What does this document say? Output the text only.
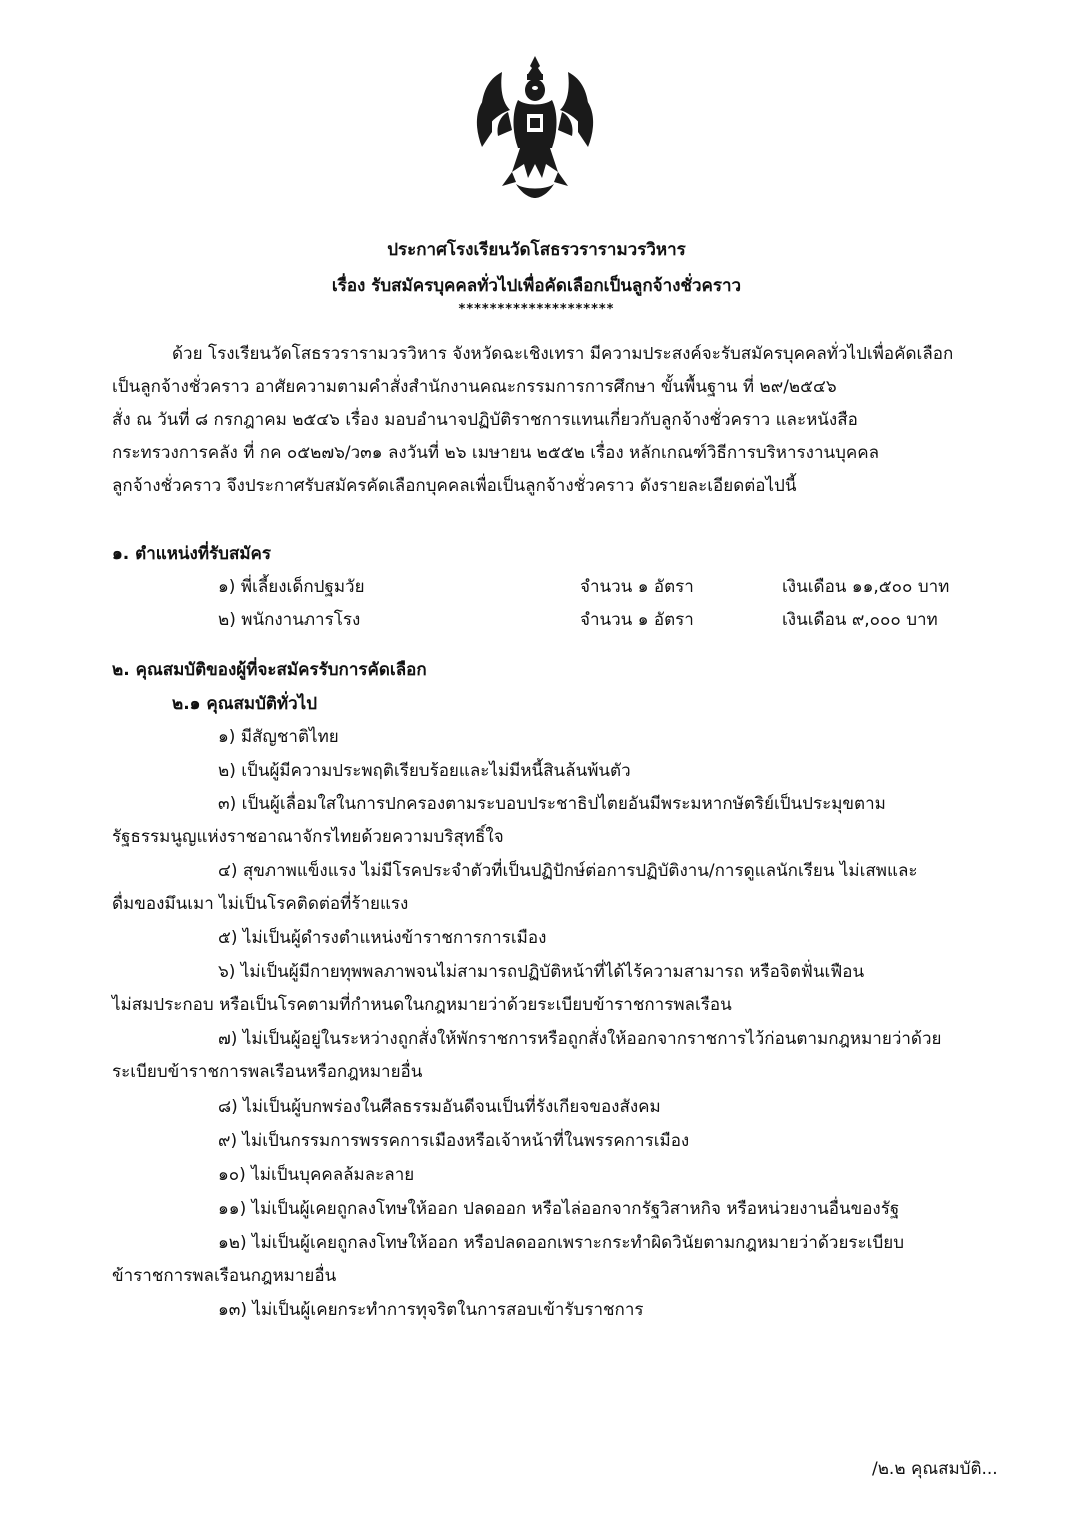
ประกาศโรงเรียนวัดโสธรวรารามวรวิหาร
เรื่อง รับสมัครบุคคลทั่วไปเพื่อคัดเลือกเป็นลูกจ้างชั่วคราว
********************
ด้วย โรงเรียนวัดโสธรวรารามวรวิหาร จังหวัดฉะเชิงเทรา มีความประสงค์จะรับสมัครบุคคลทั่วไปเพื่อคัดเลือก
เป็นลูกจ้างชั่วคราว อาศัยความตามคำสั่งสำนักงานคณะกรรมการการศึกษา ขั้นพื้นฐาน ที่ ๒๙/๒๕๔๖
สั่ง ณ วันที่ ๘ กรกฎาคม ๒๕๔๖ เรื่อง มอบอำนาจปฏิบัติราชการแทนเกี่ยวกับลูกจ้างชั่วคราว และหนังสือ
กระทรวงการคลัง ที่ กค ๐๕๒๗๖/ว๓๑ ลงวันที่ ๒๖ เมษายน ๒๕๕๒ เรื่อง หลักเกณฑ์วิธีการบริหารงานบุคคล
ลูกจ้างชั่วคราว จึงประกาศรับสมัครคัดเลือกบุคคลเพื่อเป็นลูกจ้างชั่วคราว ดังรายละเอียดต่อไปนี้
๑. ตำแหน่งที่รับสมัคร
๑) พี่เลี้ยงเด็กปฐมวัย	จำนวน ๑ อัตรา	เงินเดือน ๑๑,๕๐๐ บาท
๒) พนักงานภารโรง	จำนวน ๑ อัตรา	เงินเดือน ๙,๐๐๐ บาท
๒. คุณสมบัติของผู้ที่จะสมัครรับการคัดเลือก
๒.๑ คุณสมบัติทั่วไป
๑) มีสัญชาติไทย
๒) เป็นผู้มีความประพฤติเรียบร้อยและไม่มีหนี้สินล้นพ้นตัว
๓) เป็นผู้เลื่อมใสในการปกครองตามระบอบประชาธิปไตยอันมีพระมหากษัตริย์เป็นประมุขตาม
รัฐธรรมนูญแห่งราชอาณาจักรไทยด้วยความบริสุทธิ์ใจ
๔) สุขภาพแข็งแรง ไม่มีโรคประจำตัวที่เป็นปฏิปักษ์ต่อการปฏิบัติงาน/การดูแลนักเรียน ไม่เสพและ
ดื่มของมึนเมา ไม่เป็นโรคติดต่อที่ร้ายแรง
๕) ไม่เป็นผู้ดำรงตำแหน่งข้าราชการการเมือง
๖) ไม่เป็นผู้มีกายทุพพลภาพจนไม่สามารถปฏิบัติหน้าที่ได้ไร้ความสามารถ หรือจิตฟั่นเฟือน
ไม่สมประกอบ หรือเป็นโรคตามที่กำหนดในกฎหมายว่าด้วยระเบียบข้าราชการพลเรือน
๗) ไม่เป็นผู้อยู่ในระหว่างถูกสั่งให้พักราชการหรือถูกสั่งให้ออกจากราชการไว้ก่อนตามกฎหมายว่าด้วย
ระเบียบข้าราชการพลเรือนหรือกฎหมายอื่น
๘) ไม่เป็นผู้บกพร่องในศีลธรรมอันดีจนเป็นที่รังเกียจของสังคม
๙) ไม่เป็นกรรมการพรรคการเมืองหรือเจ้าหน้าที่ในพรรคการเมือง
๑๐) ไม่เป็นบุคคลล้มละลาย
๑๑) ไม่เป็นผู้เคยถูกลงโทษให้ออก ปลดออก หรือไล่ออกจากรัฐวิสาหกิจ หรือหน่วยงานอื่นของรัฐ
๑๒) ไม่เป็นผู้เคยถูกลงโทษให้ออก หรือปลดออกเพราะกระทำผิดวินัยตามกฎหมายว่าด้วยระเบียบ
ข้าราชการพลเรือนกฎหมายอื่น
๑๓) ไม่เป็นผู้เคยกระทำการทุจริตในการสอบเข้ารับราชการ
/๒.๒ คุณสมบัติ...
